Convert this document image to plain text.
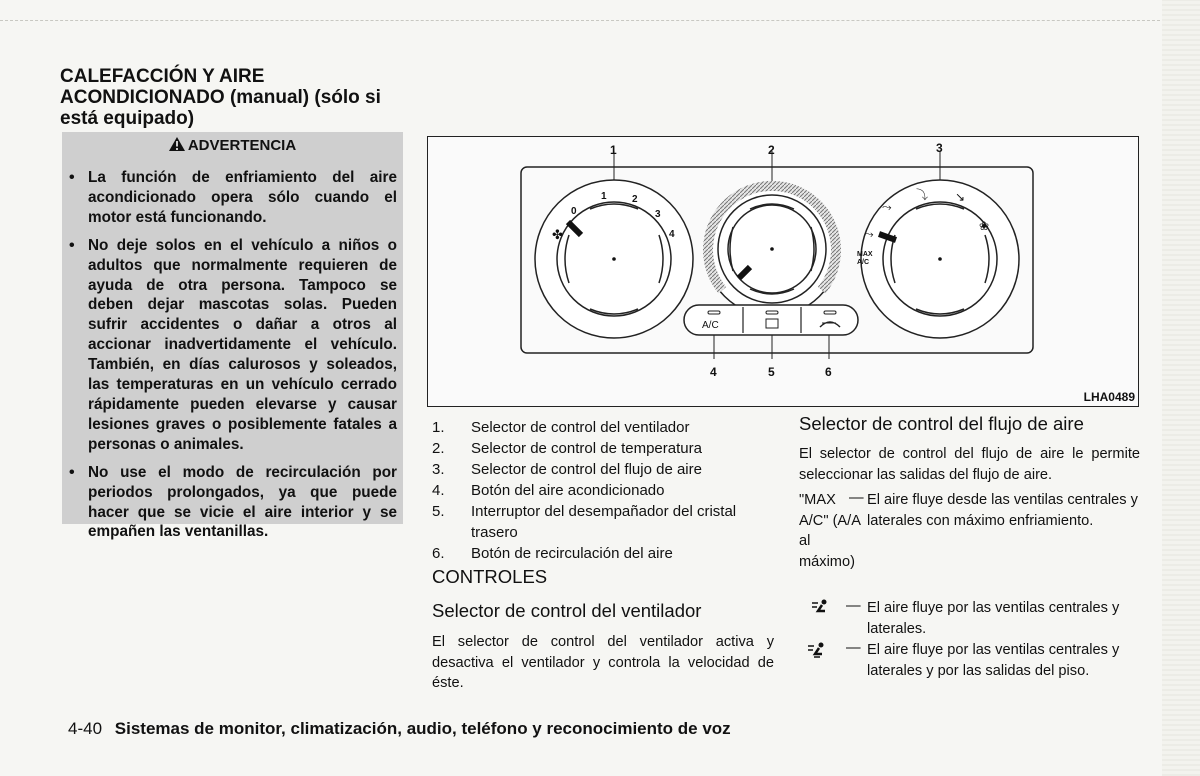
CALEFACCIÓN Y AIRE ACONDICIONADO (manual) (sólo si está equipado)
ADVERTENCIA
• La función de enfriamiento del aire acondicionado opera sólo cuando el motor está funcionando.
• No deje solos en el vehículo a niños o adultos que normalmente requieren de ayuda de otra persona. Tampoco se deben dejar mascotas solas. Pueden sufrir accidentes o dañar a otros al accionar inadvertidamente el vehículo. También, en días calurosos y soleados, las temperaturas en un vehículo cerrado rápidamente pueden elevarse y causar lesiones graves o posiblemente fatales a personas o animales.
• No use el modo de recirculación por periodos prolongados, ya que puede hacer que se vicie el aire interior y se empañen las ventanillas.
✤
⤳
⤵ ↘
❀
⤳
1	2	3
4	5	6
0
1	2
3
4
A/C
MAX
A/C
LHA0489
1.	Selector de control del ventilador
2.	Selector de control de temperatura
3.	Selector de control del flujo de aire
4.	Botón del aire acondicionado
5.	Interruptor del desempañador del cristal trasero
6.	Botón de recirculación del aire
CONTROLES
Selector de control del ventilador

El selector de control del ventilador activa y desactiva el ventilador y controla la velocidad de éste.

Selector de control del flujo de aire

El selector de control del flujo de aire le permite seleccionar las salidas del flujo de aire.

"MAX A/C" (A/A al máximo)
— El aire fluye desde las ventilas centrales y laterales con máximo enfriamiento.

— El aire fluye por las ventilas centrales y laterales.

— El aire fluye por las ventilas centrales y laterales y por las salidas del piso.

4-40 Sistemas de monitor, climatización, audio, teléfono y reconocimiento de voz
